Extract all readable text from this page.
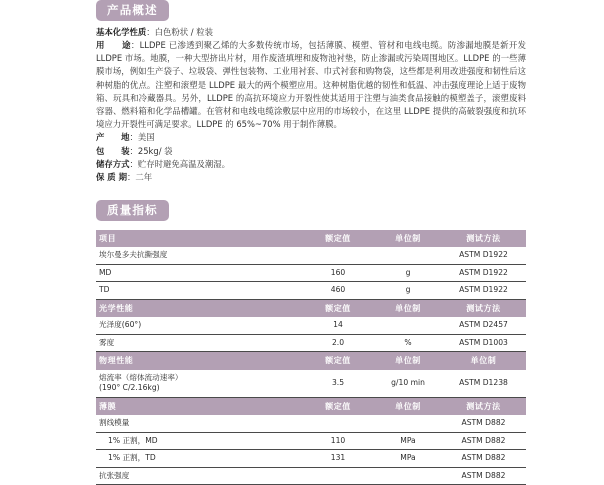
产品概述
基本化学性质：白色粉状 / 粒装
用　　途：LLDPE 已渗透到聚乙烯的大多数传统市场，包括薄膜、模塑、管材和电线电缆。防渗漏地膜是新开发 LLDPE 市场。地膜，一种大型挤出片材，用作废渣填埋和废物池衬垫，防止渗漏或污染周围地区。LLDPE 的一些薄膜市场，例如生产袋子、垃圾袋、弹性包装物、工业用衬套、巾式衬套和购物袋，这些都是利用改进强度和韧性后这种树脂的优点。注塑和滚塑是 LLDPE 最大的两个模塑应用。这种树脂优越的韧性和低温、冲击强度理论上适于废物箱、玩具和冷藏器具。另外，LLDPE 的高抗环境应力开裂性使其适用于注塑与油类食品接触的模塑盖子，滚塑废料容器、燃料箱和化学品槽罐。在管材和电线电缆涂敷层中应用的市场较小，在这里 LLDPE 提供的高破裂强度和抗环境应力开裂性可满足要求。LLDPE 的 65%~70% 用于制作薄膜。
产　　地：美国
包　　装：25kg/ 袋
储存方式：贮存时避免高温及潮湿。
保 质 期：二年
质量指标
项目	额定值	单位制	测试方法
埃尔曼多夫抗撕强度			ASTM D1922
MD	160	g	ASTM D1922
TD	460	g	ASTM D1922
光学性能	额定值	单位制	测试方法
光泽度(60°)	14		ASTM D2457
雾度	2.0	%	ASTM D1003
物理性能	额定值	单位制	单位制
熔流率（熔体流动速率）
(190° C/2.16kg)	3.5	g/10 min	ASTM D1238
薄膜	额定值	单位制	测试方法
割线模量			ASTM D882
1% 正割，MD	110	MPa	ASTM D882
1% 正割，TD	131	MPa	ASTM D882
抗张强度			ASTM D882
